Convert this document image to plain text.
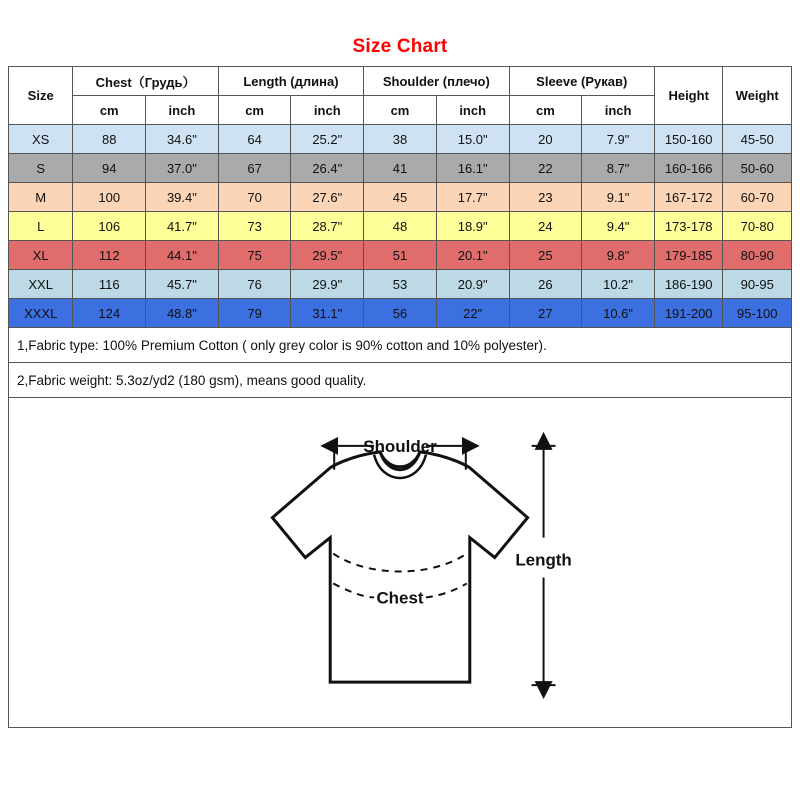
Size Chart
Size	Chest（Грудь）		Length (длина)		Shoulder (плечо)		Sleeve (Рукав)		Height	Weight
	cm	inch	cm	inch	cm	inch	cm	inch		
XS	88	34.6"	64	25.2"	38	15.0"	20	7.9"	150-160	45-50
S	94	37.0"	67	26.4"	41	16.1"	22	8.7"	160-166	50-60
M	100	39.4"	70	27.6"	45	17.7"	23	9.1"	167-172	60-70
L	106	41.7"	73	28.7"	48	18.9"	24	9.4"	173-178	70-80
XL	112	44.1"	75	29.5"	51	20.1"	25	9.8"	179-185	80-90
XXL	116	45.7"	76	29.9"	53	20.9"	26	10.2"	186-190	90-95
XXXL	124	48.8"	79	31.1"	56	22"	27	10.6"	191-200	95-100
1,Fabric type: 100% Premium Cotton ( only grey color is 90% cotton and 10% polyester).
2,Fabric weight: 5.3oz/yd2 (180 gsm), means good quality.
Chest
Shoulder
Length
